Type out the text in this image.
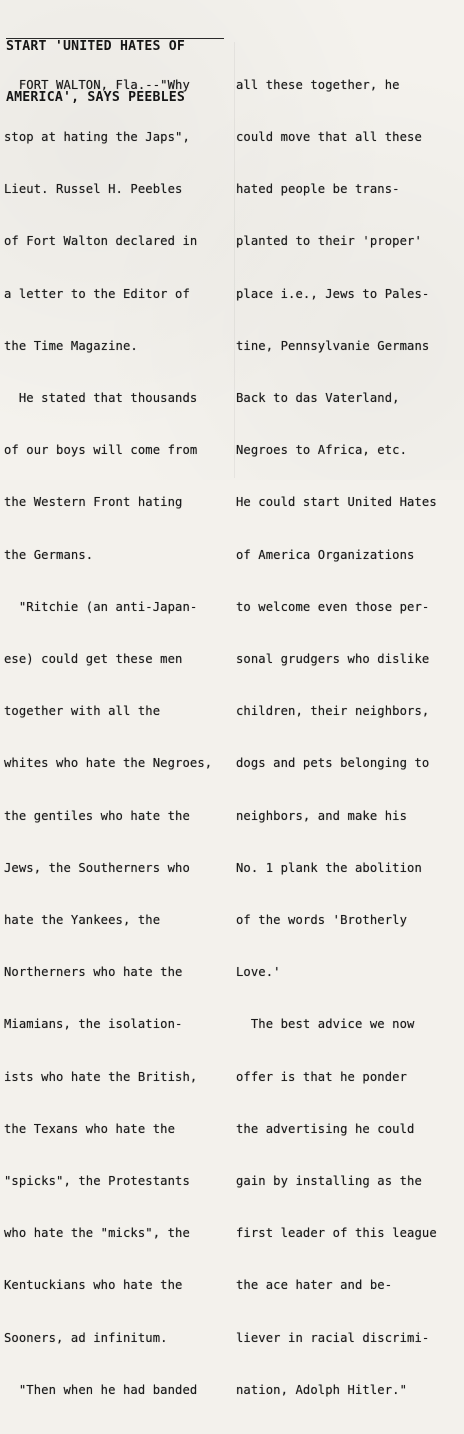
START 'UNITED HATES OF

AMERICA', SAYS PEEBLES

FORT WALTON, Fla.--"Why

stop at hating the Japs",

Lieut. Russel H. Peebles

of Fort Walton declared in

a letter to the Editor of

the Time Magazine.

He stated that thousands

of our boys will come from

the Western Front hating

the Germans.

"Ritchie (an anti-Japan-

ese) could get these men

together with all the

whites who hate the Negroes,

the gentiles who hate the

Jews, the Southerners who

hate the Yankees, the

Northerners who hate the

Miamians, the isolation-

ists who hate the British,

the Texans who hate the

"spicks", the Protestants

who hate the "micks", the

Kentuckians who hate the

Sooners, ad infinitum.

"Then when he had banded

all these together, he

could move that all these

hated people be trans-

planted to their 'proper'

place i.e., Jews to Pales-

tine, Pennsylvanie Germans

Back to das Vaterland,

Negroes to Africa, etc.

He could start United Hates

of America Organizations

to welcome even those per-

sonal grudgers who dislike

children, their neighbors,

dogs and pets belonging to

neighbors, and make his

No. 1 plank the abolition

of the words 'Brotherly

Love.'

The best advice we now

offer is that he ponder

the advertising he could

gain by installing as the

first leader of this league

the ace hater and be-

liever in racial discrimi-

nation, Adolph Hitler."
